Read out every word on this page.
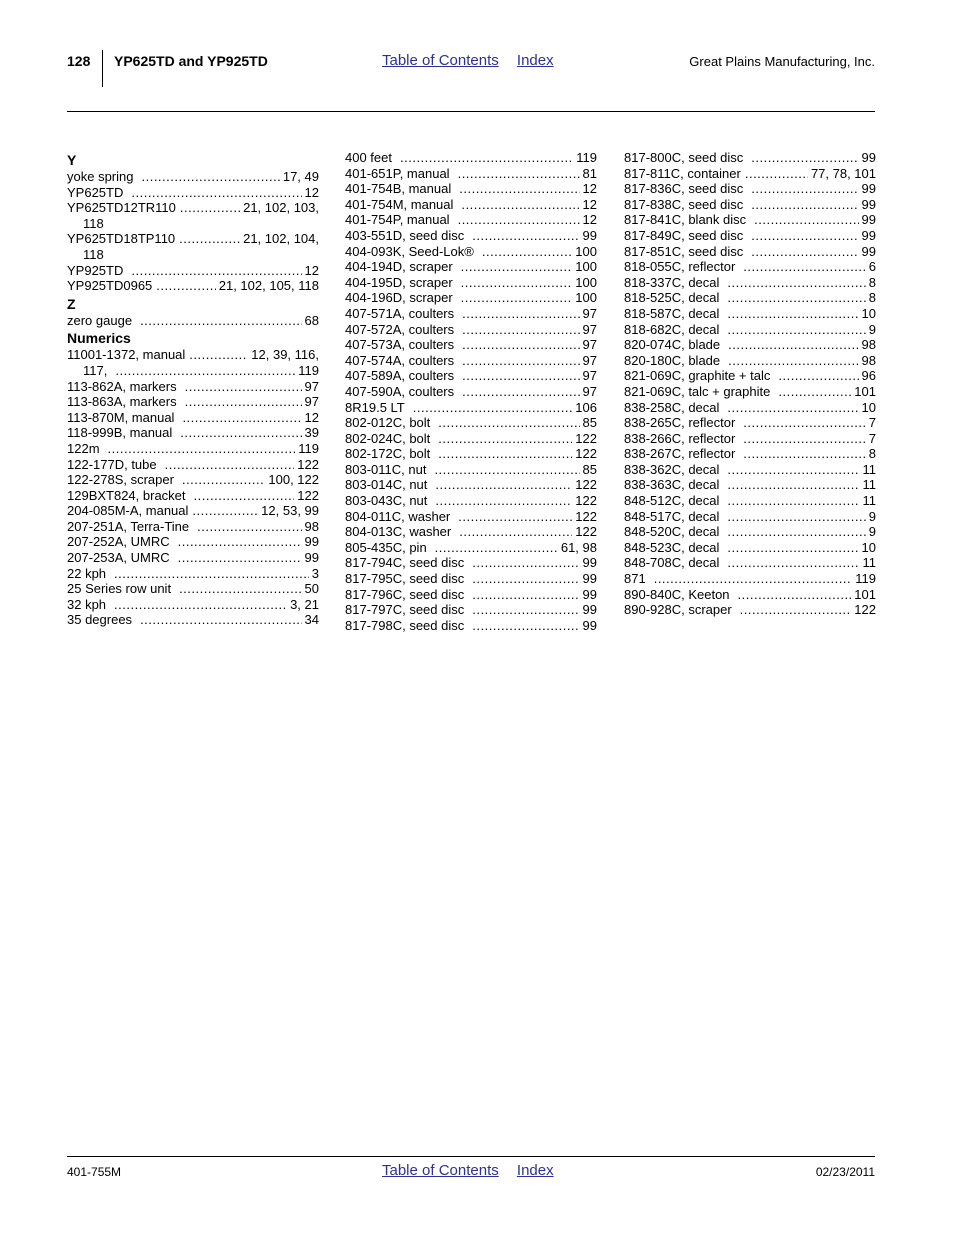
128 YP625TD and YP925TD	Table of Contents Index	Great Plains Manufacturing, Inc.
Y
yoke spring .....	17, 49
YP625TD .....	12
YP625TD12TR110 .....	21, 102, 103,
118
YP625TD18TP110 .....	21, 102, 104,
118
YP925TD .....	12
YP925TD0965 .....	21, 102, 105, 118
Z
zero gauge .....	68
Numerics
11001-1372, manual .....	12, 39, 116,
117, .....	119
113-862A, markers .....	97
113-863A, markers .....	97
113-870M, manual .....	12
118-999B, manual .....	39
122m .....	119
122-177D, tube .....	122
122-278S, scraper .....	100, 122
129BXT824, bracket .....	122
204-085M-A, manual .....	12, 53, 99
207-251A, Terra-Tine .....	98
207-252A, UMRC .....	99
207-253A, UMRC .....	99
22 kph .....	3
25 Series row unit .....	50
32 kph .....	3, 21
35 degrees .....	34
400 feet .....	119
401-651P, manual .....	81
401-754B, manual .....	12
401-754M, manual .....	12
401-754P, manual .....	12
403-551D, seed disc .....	99
404-093K, Seed-Lok® .....	100
404-194D, scraper .....	100
404-195D, scraper .....	100
404-196D, scraper .....	100
407-571A, coulters .....	97
407-572A, coulters .....	97
407-573A, coulters .....	97
407-574A, coulters .....	97
407-589A, coulters .....	97
407-590A, coulters .....	97
8R19.5 LT .....	106
802-012C, bolt .....	85
802-024C, bolt .....	122
802-172C, bolt .....	122
803-011C, nut .....	85
803-014C, nut .....	122
803-043C, nut .....	122
804-011C, washer .....	122
804-013C, washer .....	122
805-435C, pin .....	61, 98
817-794C, seed disc .....	99
817-795C, seed disc .....	99
817-796C, seed disc .....	99
817-797C, seed disc .....	99
817-798C, seed disc .....	99
817-800C, seed disc .....	99
817-811C, container .....	77, 78, 101
817-836C, seed disc .....	99
817-838C, seed disc .....	99
817-841C, blank disc .....	99
817-849C, seed disc .....	99
817-851C, seed disc .....	99
818-055C, reflector .....	6
818-337C, decal .....	8
818-525C, decal .....	8
818-587C, decal .....	10
818-682C, decal .....	9
820-074C, blade .....	98
820-180C, blade .....	98
821-069C, graphite + talc .....	96
821-069C, talc + graphite .....	101
838-258C, decal .....	10
838-265C, reflector .....	7
838-266C, reflector .....	7
838-267C, reflector .....	8
838-362C, decal .....	11
838-363C, decal .....	11
848-512C, decal .....	11
848-517C, decal .....	9
848-520C, decal .....	9
848-523C, decal .....	10
848-708C, decal .....	11
871 .....	119
890-840C, Keeton .....	101
890-928C, scraper .....	122
401-755M	Table of Contents Index	02/23/2011
